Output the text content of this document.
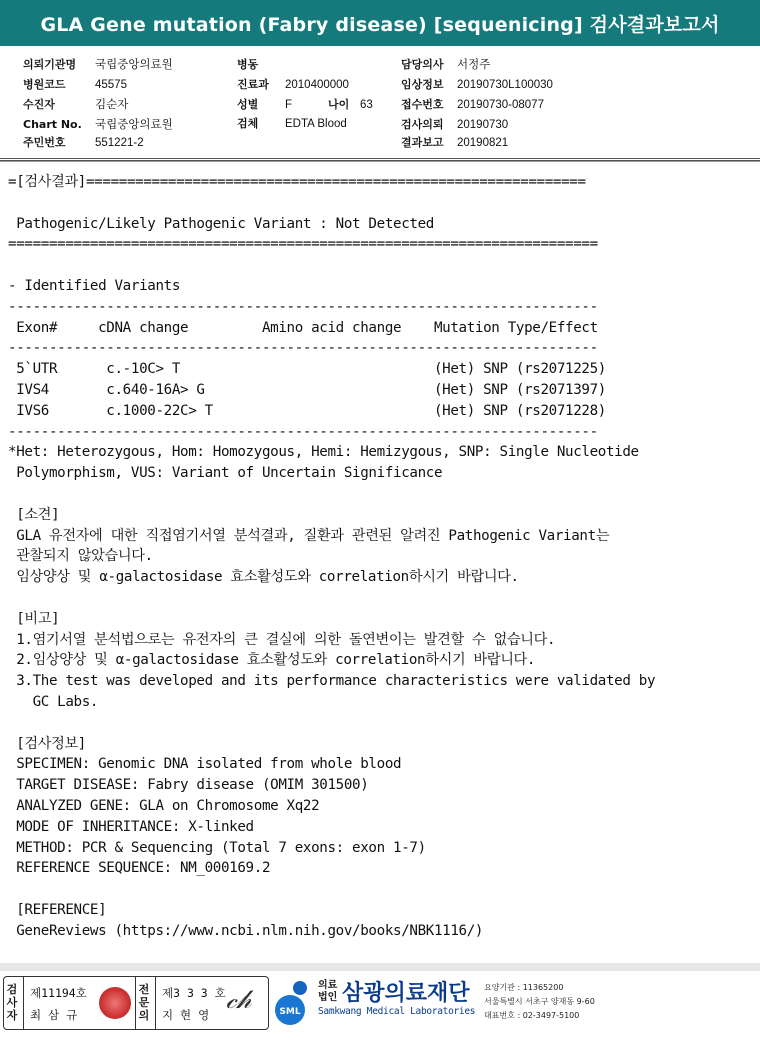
GLA Gene mutation (Fabry disease) [sequenicing] 검사결과보고서
의뢰기관명 국립중앙의료원
병원코드	45575
수진자	김순자
Chart No. 국립중앙의료원
주민번호	551221-2
병동
진료과 2010400000
성별 F	나이 63
검체 EDTA Blood
담당의사 서정주
임상정보 20190730L100030
접수번호 20190730-08077
검사의뢰 20190730
결과보고 20190821
=[검사결과]=============================================================

Pathogenic/Likely Pathogenic Variant : Not Detected
========================================================================

- Identified Variants
------------------------------------------------------------------------
Exon#     cDNA change         Amino acid change    Mutation Type/Effect
------------------------------------------------------------------------
5`UTR      c.-10C> T                               (Het) SNP (rs2071225)
IVS4       c.640-16A> G                            (Het) SNP (rs2071397)
IVS6       c.1000-22C> T                           (Het) SNP (rs2071228)
------------------------------------------------------------------------
*Het: Heterozygous, Hom: Homozygous, Hemi: Hemizygous, SNP: Single Nucleotide
Polymorphism, VUS: Variant of Uncertain Significance

[소견]
GLA 유전자에 대한 직접염기서열 분석결과, 질환과 관련된 알려진 Pathogenic Variant는
관찰되지 않았습니다.
임상양상 및 α-galactosidase 효소활성도와 correlation하시기 바랍니다.

[비고]
1.염기서열 분석법으로는 유전자의 큰 결실에 의한 돌연변이는 발견할 수 없습니다.
2.임상양상 및 α-galactosidase 효소활성도와 correlation하시기 바랍니다.
3.The test was developed and its performance characteristics were validated by
GC Labs.

[검사정보]
SPECIMEN: Genomic DNA isolated from whole blood
TARGET DISEASE: Fabry disease (OMIM 301500)
ANALYZED GENE: GLA on Chromosome Xq22
MODE OF INHERITANCE: X-linked
METHOD: PCR & Sequencing (Total 7 exons: exon 1-7)
REFERENCE SEQUENCE: NM_000169.2

[REFERENCE]
GeneReviews (https://www.ncbi.nlm.nih.gov/books/NBK1116/)
검사자
제11194호
최 삼 규
전문의
제3 3 3 호
지 현 영 𝒸𝒽	SML
의료법인 삼광의료재단
Samkwang Medical Laboratories
요양기관 : 11365200
서울특별시 서초구 양재동 9-60
대표번호 : 02-3497-5100
